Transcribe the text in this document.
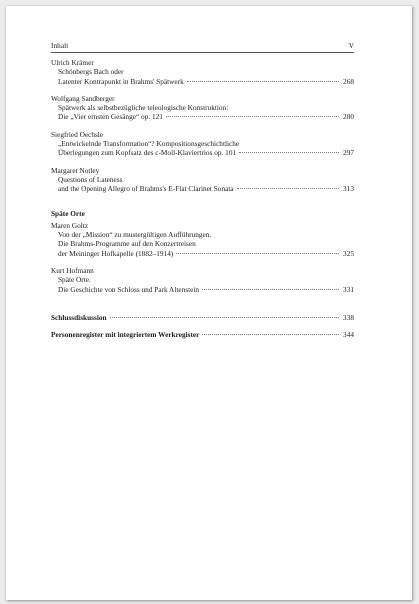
Inhalt	V
Ulrich Krämer
Schönbergs Bach oder
Latenter Kontrapunkt in Brahms' Spätwerk	268
Wolfgang Sandberger
Spätwerk als selbstbezügliche teleologische Konstruktion:
Die „Vier ernsten Gesänge“ op. 121	280
Siegfried Oechsle
„Entwickelnde Transformation“? Kompositionsgeschichtliche
Überlegungen zum Kopfsatz des c-Moll-Klaviertrios op. 101	297
Margaret Notley
Questions of Lateness
and the Opening Allegro of Brahms's E-Flat Clarinet Sonata	313
Späte Orte
Maren Goltz
Von der „Mission“ zu mustergültigen Aufführungen.
Die Brahms-Programme auf den Konzertreisen
der Meininger Hofkapelle (1882–1914)	325
Kurt Hofmann
Späte Orte.
Die Geschichte von Schloss und Park Altenstein	331
Schlussdiskussion	338
Personenregister mit integriertem Werkregister	344
